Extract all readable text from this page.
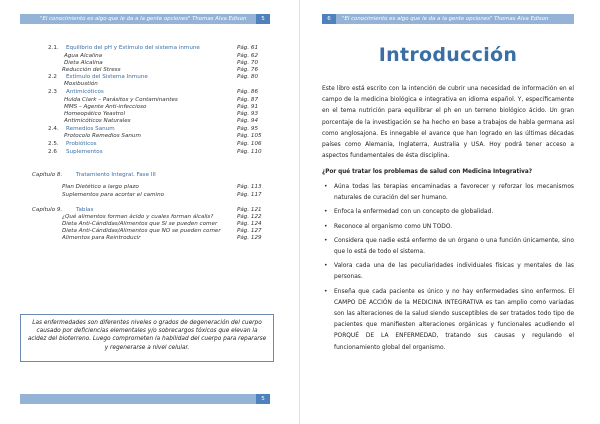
"El conocimiento es algo que le da a la gente opciones" Thomas Alva Edison	5
2.1. Equilibrio del pH y Estímulo del sistema inmune	Pág. 61
Agua Alcalina	Pág. 62
Dieta Alcalina	Pág. 70
Reducción del Stress	Pág. 76
2.2 Estímulo del Sistema Inmune	Pág. 80
Moxibustión
2.3 Antimicóticos	Pág. 86
Hulda Clark – Parásitos y Contaminantes	Pág. 87
MMS – Agente Anti-infeccioso	Pág. 91
Homeopático Yeastrol	Pág. 93
Antimicóticos Naturales	Pág. 94
2.4. Remedios Sanum	Pág. 95
Protocolo Remedios Sanum	Pág. 105
2.5. Probióticos	Pág. 106
2.6 Suplementos	Pág. 110
Capítulo 8. Tratamiento Integral. Fase III
Plan Dietético a largo plazo	Pág. 113
Suplementos para acortar el camino	Pág. 117
Capítulo 9. Tablas	Pág. 121
¿Qué alimentos forman ácido y cuales forman álcalis?	Pág. 122
Dieta Anti-Cándidas/Alimentos que SI se pueden comer	Pág. 124
Dieta Anti-Cándidas/Alimentos que NO se pueden comer	Pág. 127
Alimentos para Reintroducir	Pág. 129
Las enfermedades son diferentes niveles o grados de degeneración del cuerpo causado por deficiencias elementales y/o sobrecargos tóxicos que elevan la acidez del bioterreno. Luego comprometen la habilidad del cuerpo para repararse y regenerarse a nivel celular.
5
6	"El conocimiento es algo que le da a la gente opciones" Thomas Alva Edison
Introducción
Este libro está escrito con la intención de cubrir una necesidad de información en el campo de la medicina biológica e integrativa en idioma español. Y, específicamente en el tema nutrición para equilibrar el ph en un terreno biológico ácido. Un gran porcentaje de la investigación se ha hecho en base a trabajos de habla germana así como anglosajona. Es innegable el avance que han logrado en las últimas décadas países como Alemania, Inglaterra, Australia y USA. Hoy podrá tener acceso a aspectos fundamentales de ésta disciplina.
¿Por qué tratar los problemas de salud con Medicina Integrativa?
• Aúna todas las terapias encaminadas a favorecer y reforzar los mecanismos naturales de curación del ser humano.
• Enfoca la enfermedad con un concepto de globalidad.
• Reconoce al organismo como UN TODO.
• Considera que nadie está enfermo de un órgano o una función únicamente, sino que lo está de todo el sistema.
• Valora cada una de las peculiaridades individuales físicas y mentales de las personas.
• Enseña que cada paciente es único y no hay enfermedades sino enfermos. El CAMPO DE ACCIÓN de la MEDICINA INTEGRATIVA es tan amplio como variadas son las alteraciones de la salud siendo susceptibles de ser tratados todo tipo de pacientes que manifiesten alteraciones orgánicas y funcionales acudiendo el PORQUÉ DE LA ENFERMEDAD, tratando sus causas y regulando el funcionamiento global del organismo.
